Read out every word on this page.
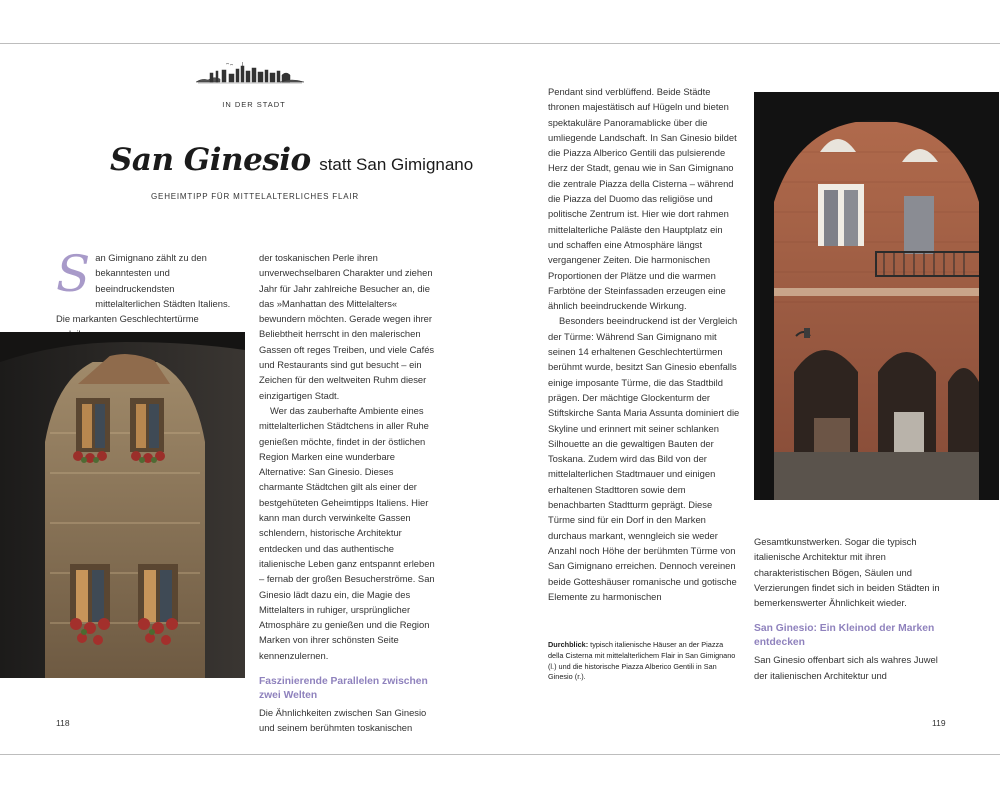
IN DER STADT
San Ginesio statt San Gimignano
GEHEIMTIPP FÜR MITTELALTERLICHES FLAIR
S an Gimignano zählt zu den bekanntesten und beeindruckendsten mittelalterlichen Städten Italiens. Die markanten Geschlechtertürme

der toskanischen Perle ihren unverwechselbaren Charakter und ziehen Jahr für Jahr zahlreiche Besucher an, die das »Manhattan des Mittelalters« bewundern möchten. Gerade wegen ihrer Beliebtheit herrscht in den malerischen Gassen oft reges Treiben, und viele Cafés und Restaurants sind gut besucht – ein Zeichen für den weltweiten Ruhm dieser einzigartigen Stadt.

Wer das zauberhafte Ambiente eines mittelalterlichen Städtchens in aller Ruhe genießen möchte, findet in der östlichen Region Marken eine wunderbare Alternative: San Ginesio. Dieses charmante Städtchen gilt als einer der bestgehüteten Geheimtipps Italiens. Hier kann man durch verwinkelte Gassen schlendern, historische Architektur entdecken und das authentische italienische Leben ganz entspannt erleben – fernab der großen Besucherströme. San Ginesio lädt dazu ein, die Magie des Mittelalters in ruhiger, ursprünglicher Atmosphäre zu genießen und die Region Marken von ihrer schönsten Seite kennenzulernen.

Faszinierende Parallelen zwischen zwei Welten

Die Ähnlichkeiten zwischen San Ginesio und seinem berühmten toskanischen

118

Pendant sind verblüffend. Beide Städte thronen majestätisch auf Hügeln und bieten spektakuläre Panoramablicke über die umliegende Landschaft. In San Ginesio bildet die Piazza Alberico Gentili das pulsierende Herz der Stadt, genau wie in San Gimignano die zentrale Piazza della Cisterna – während die Piazza del Duomo das religiöse und politische Zentrum ist. Hier wie dort rahmen mittelalterliche Paläste den Hauptplatz ein und schaffen eine Atmosphäre längst vergangener Zeiten. Die harmonischen Proportionen der Plätze und die warmen Farbtöne der Steinfassaden erzeugen eine ähnlich beeindruckende Wirkung.

Besonders beeindruckend ist der Vergleich der Türme: Während San Gimignano mit seinen 14 erhaltenen Geschlechtertürmen berühmt wurde, besitzt San Ginesio ebenfalls einige imposante Türme, die das Stadtbild prägen. Der mächtige Glockenturm der Stiftskirche Santa Maria Assunta dominiert die Skyline und erinnert mit seiner schlanken Silhouette an die gewaltigen Bauten der Toskana. Zudem wird das Bild von der mittelalterlichen Stadtmauer und einigen erhaltenen Stadttoren sowie dem benachbarten Stadtturm geprägt. Diese Türme sind für ein Dorf in den Marken durchaus markant, wenngleich sie weder Anzahl noch Höhe der berühmten Türme von San Gimignano erreichen. Dennoch vereinen beide Gotteshäuser romanische und gotische Elemente zu harmonischen

Durchblick: typisch italienische Häuser an der Piazza della Cisterna mit mittelalterlichem Flair in San Gimignano (l.) und die historische Piazza Alberico Gentili in San Ginesio (r.).

Gesamtkunstwerken. Sogar die typisch italienische Architektur mit ihren charakteristischen Bögen, Säulen und Verzierungen findet sich in beiden Städten in bemerkenswerter Ähnlichkeit wieder.

San Ginesio: Ein Kleinod der Marken entdecken

San Ginesio offenbart sich als wahres Juwel der italienischen Architektur und

119
